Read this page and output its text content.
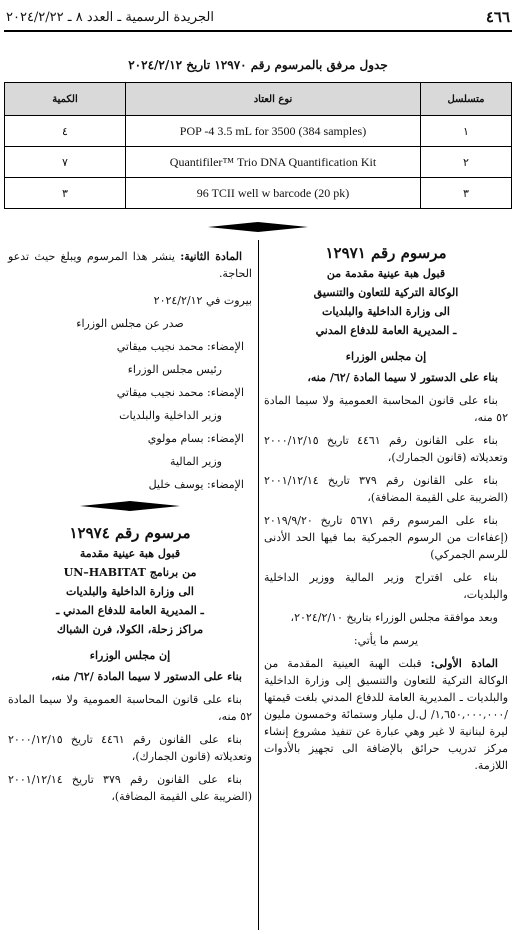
٤٦٦
الجريدة الرسمية ـ العدد ٨ ـ ٢٠٢٤/٢/٢٢
جدول مرفق بالمرسوم رقم ١٢٩٧٠ تاريخ ٢٠٢٤/٢/١٢
متسلسل	نوع العتاد	الكمية
١	POP -4 3.5 mL for 3500 (384 samples)	٤
٢	Quantifiler™ Trio DNA Quantification Kit	٧
٣	96 TCII well w barcode (20 pk)	٣
مرسوم رقم ١٢٩٧١
قبول هبة عينية مقدمة من
الوكالة التركية للتعاون والتنسيق
الى وزارة الداخلية والبلديات
ـ المديرية العامة للدفاع المدني
إن مجلس الوزراء

بناء على الدستور لا سيما المادة /٦٢/ منه،

بناء على قانون المحاسبة العمومية ولا سيما المادة ٥٢ منه،

بناء على القانون رقم ٤٤٦١ تاريخ ٢٠٠٠/١٢/١٥ وتعديلاته (قانون الجمارك)،

بناء على القانون رقم ٣٧٩ تاريخ ٢٠٠١/١٢/١٤ (الضريبة على القيمة المضافة)،

بناء على المرسوم رقم ٥٦٧١ تاريخ ٢٠١٩/٩/٢٠ (إعفاءات من الرسوم الجمركية بما فيها الحد الأدنى للرسم الجمركي)

بناء على اقتراح وزير المالية ووزير الداخلية والبلديات،

وبعد موافقة مجلس الوزراء بتاريخ ٢٠٢٤/٢/١٠،

يرسم ما يأتي:

المادة الأولى: قبلت الهبة العينية المقدمة من الوكالة التركية للتعاون والتنسيق إلى وزارة الداخلية والبلديات ـ المديرية العامة للدفاع المدني بلغت قيمتها /١,٦٥٠,٠٠٠,٠٠٠/ ل.ل مليار وستمائة وخمسون مليون ليرة لبنانية لا غير وهي عبارة عن تنفيذ مشروع إنشاء مركز تدريب حرائق بالإضافة الى تجهيز بالأدوات اللازمة.

المادة الثانية: ينشر هذا المرسوم ويبلغ حيث تدعو الحاجة.

بيروت في ٢٠٢٤/٢/١٢
صدر عن مجلس الوزراء
الإمضاء: محمد نجيب ميقاتي
رئيس مجلس الوزراء
الإمضاء: محمد نجيب ميقاتي
وزير الداخلية والبلديات
الإمضاء: بسام مولوي
وزير المالية
الإمضاء: يوسف خليل
مرسوم رقم ١٢٩٧٤
قبول هبة عينية مقدمة
من برنامج UN–HABITAT
الى وزارة الداخلية والبلديات
ـ المديرية العامة للدفاع المدني ـ
مراكز زحلة، الكولا، فرن الشباك
إن مجلس الوزراء

بناء على الدستور لا سيما المادة /٦٢/ منه،

بناء على قانون المحاسبة العمومية ولا سيما المادة ٥٢ منه،

بناء على القانون رقم ٤٤٦١ تاريخ ٢٠٠٠/١٢/١٥ وتعديلاته (قانون الجمارك)،

بناء على القانون رقم ٣٧٩ تاريخ ٢٠٠١/١٢/١٤ (الضريبة على القيمة المضافة)،
